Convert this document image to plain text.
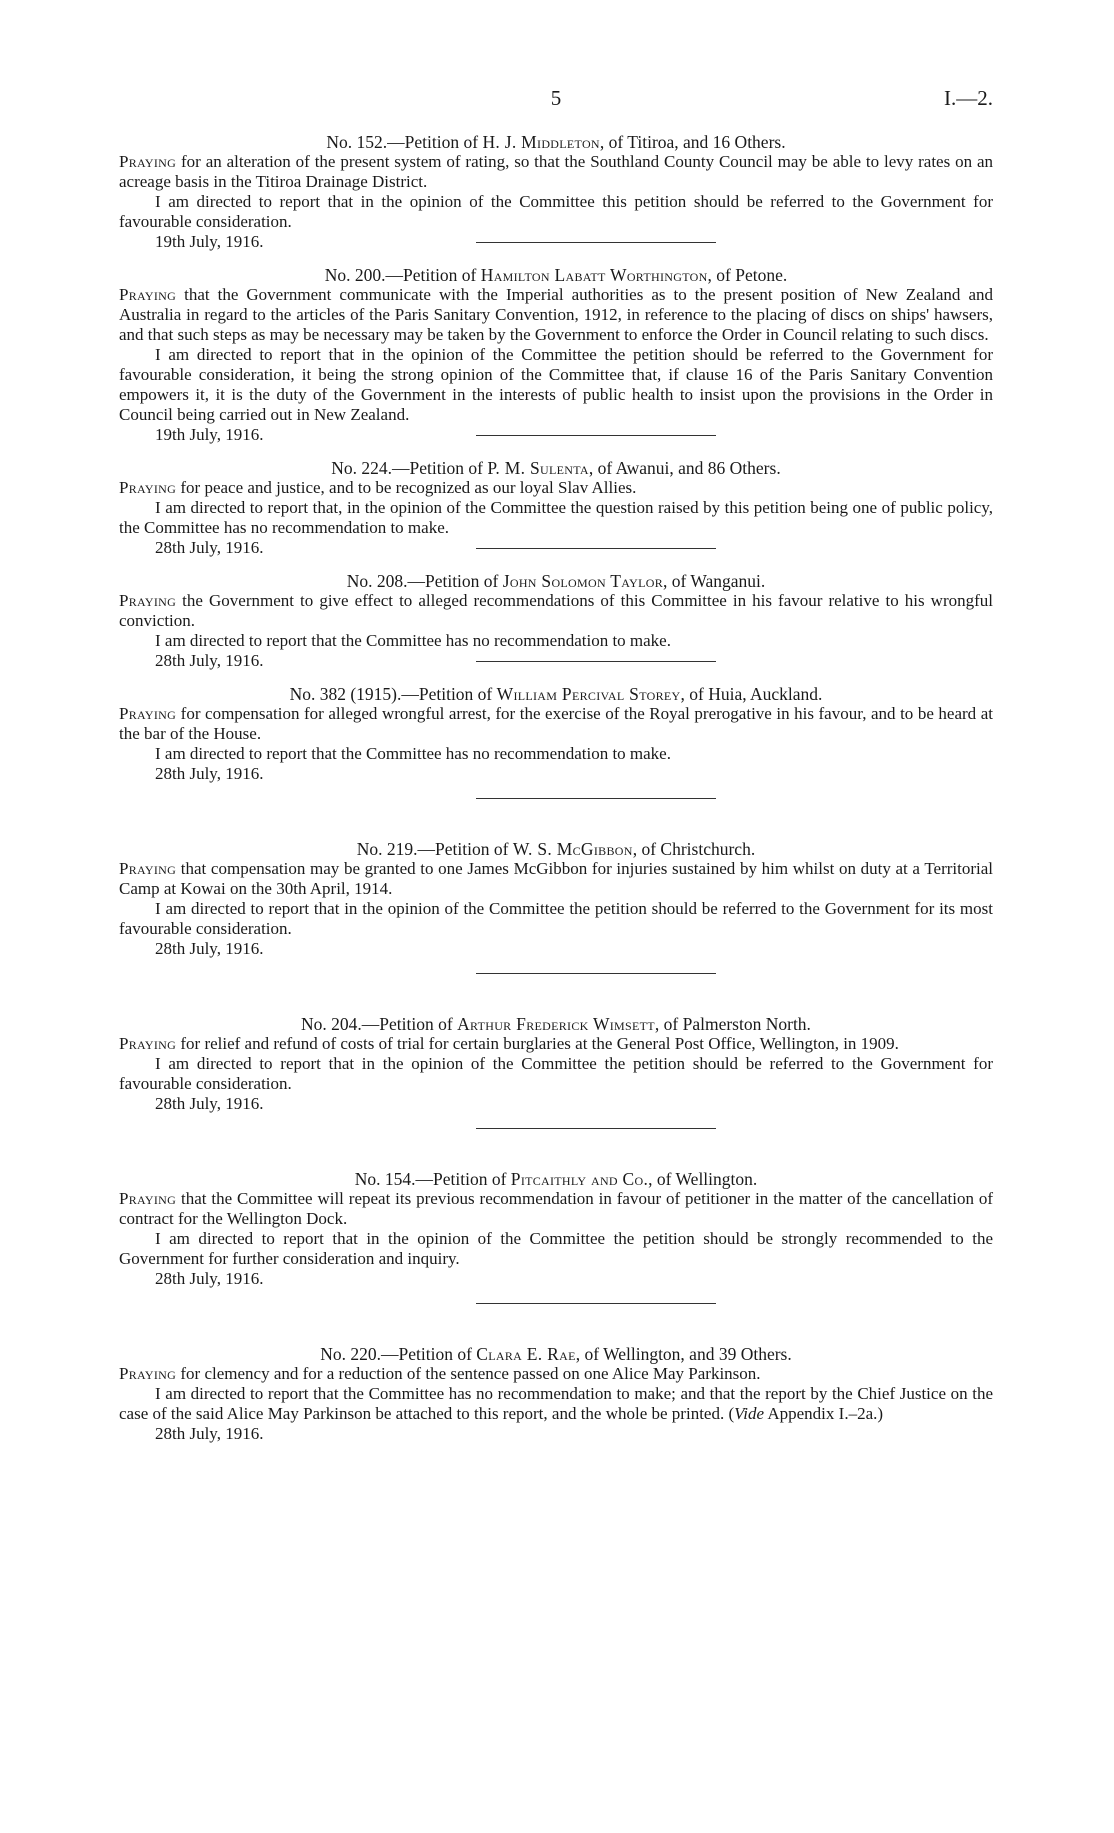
5	I.—2.

No. 152.—Petition of H. J. Middleton, of Titiroa, and 16 Others.

Praying for an alteration of the present system of rating, so that the Southland County Council may be able to levy rates on an acreage basis in the Titiroa Drainage District.

I am directed to report that in the opinion of the Committee this petition should be referred to the Government for favourable consideration.

19th July, 1916.

No. 200.—Petition of Hamilton Labatt Worthington, of Petone.

Praying that the Government communicate with the Imperial authorities as to the present position of New Zealand and Australia in regard to the articles of the Paris Sanitary Convention, 1912, in reference to the placing of discs on ships' hawsers, and that such steps as may be necessary may be taken by the Government to enforce the Order in Council relating to such discs.

I am directed to report that in the opinion of the Committee the petition should be referred to the Government for favourable consideration, it being the strong opinion of the Committee that, if clause 16 of the Paris Sanitary Convention empowers it, it is the duty of the Government in the interests of public health to insist upon the provisions in the Order in Council being carried out in New Zealand.

19th July, 1916.

No. 224.—Petition of P. M. Sulenta, of Awanui, and 86 Others.

Praying for peace and justice, and to be recognized as our loyal Slav Allies.

I am directed to report that, in the opinion of the Committee the question raised by this petition being one of public policy, the Committee has no recommendation to make.

28th July, 1916.

No. 208.—Petition of John Solomon Taylor, of Wanganui.

Praying the Government to give effect to alleged recommendations of this Committee in his favour relative to his wrongful conviction.

I am directed to report that the Committee has no recommendation to make.

28th July, 1916.

No. 382 (1915).—Petition of William Percival Storey, of Huia, Auckland.

Praying for compensation for alleged wrongful arrest, for the exercise of the Royal prerogative in his favour, and to be heard at the bar of the House.

I am directed to report that the Committee has no recommendation to make.

28th July, 1916.

No. 219.—Petition of W. S. McGibbon, of Christchurch.

Praying that compensation may be granted to one James McGibbon for injuries sustained by him whilst on duty at a Territorial Camp at Kowai on the 30th April, 1914.

I am directed to report that in the opinion of the Committee the petition should be referred to the Government for its most favourable consideration.

28th July, 1916.

No. 204.—Petition of Arthur Frederick Wimsett, of Palmerston North.

Praying for relief and refund of costs of trial for certain burglaries at the General Post Office, Wellington, in 1909.

I am directed to report that in the opinion of the Committee the petition should be referred to the Government for favourable consideration.

28th July, 1916.

No. 154.—Petition of Pitcaithly and Co., of Wellington.

Praying that the Committee will repeat its previous recommendation in favour of petitioner in the matter of the cancellation of contract for the Wellington Dock.

I am directed to report that in the opinion of the Committee the petition should be strongly recommended to the Government for further consideration and inquiry.

28th July, 1916.

No. 220.—Petition of Clara E. Rae, of Wellington, and 39 Others.

Praying for clemency and for a reduction of the sentence passed on one Alice May Parkinson.

I am directed to report that the Committee has no recommendation to make; and that the report by the Chief Justice on the case of the said Alice May Parkinson be attached to this report, and the whole be printed. (Vide Appendix I.–2a.)

28th July, 1916.
